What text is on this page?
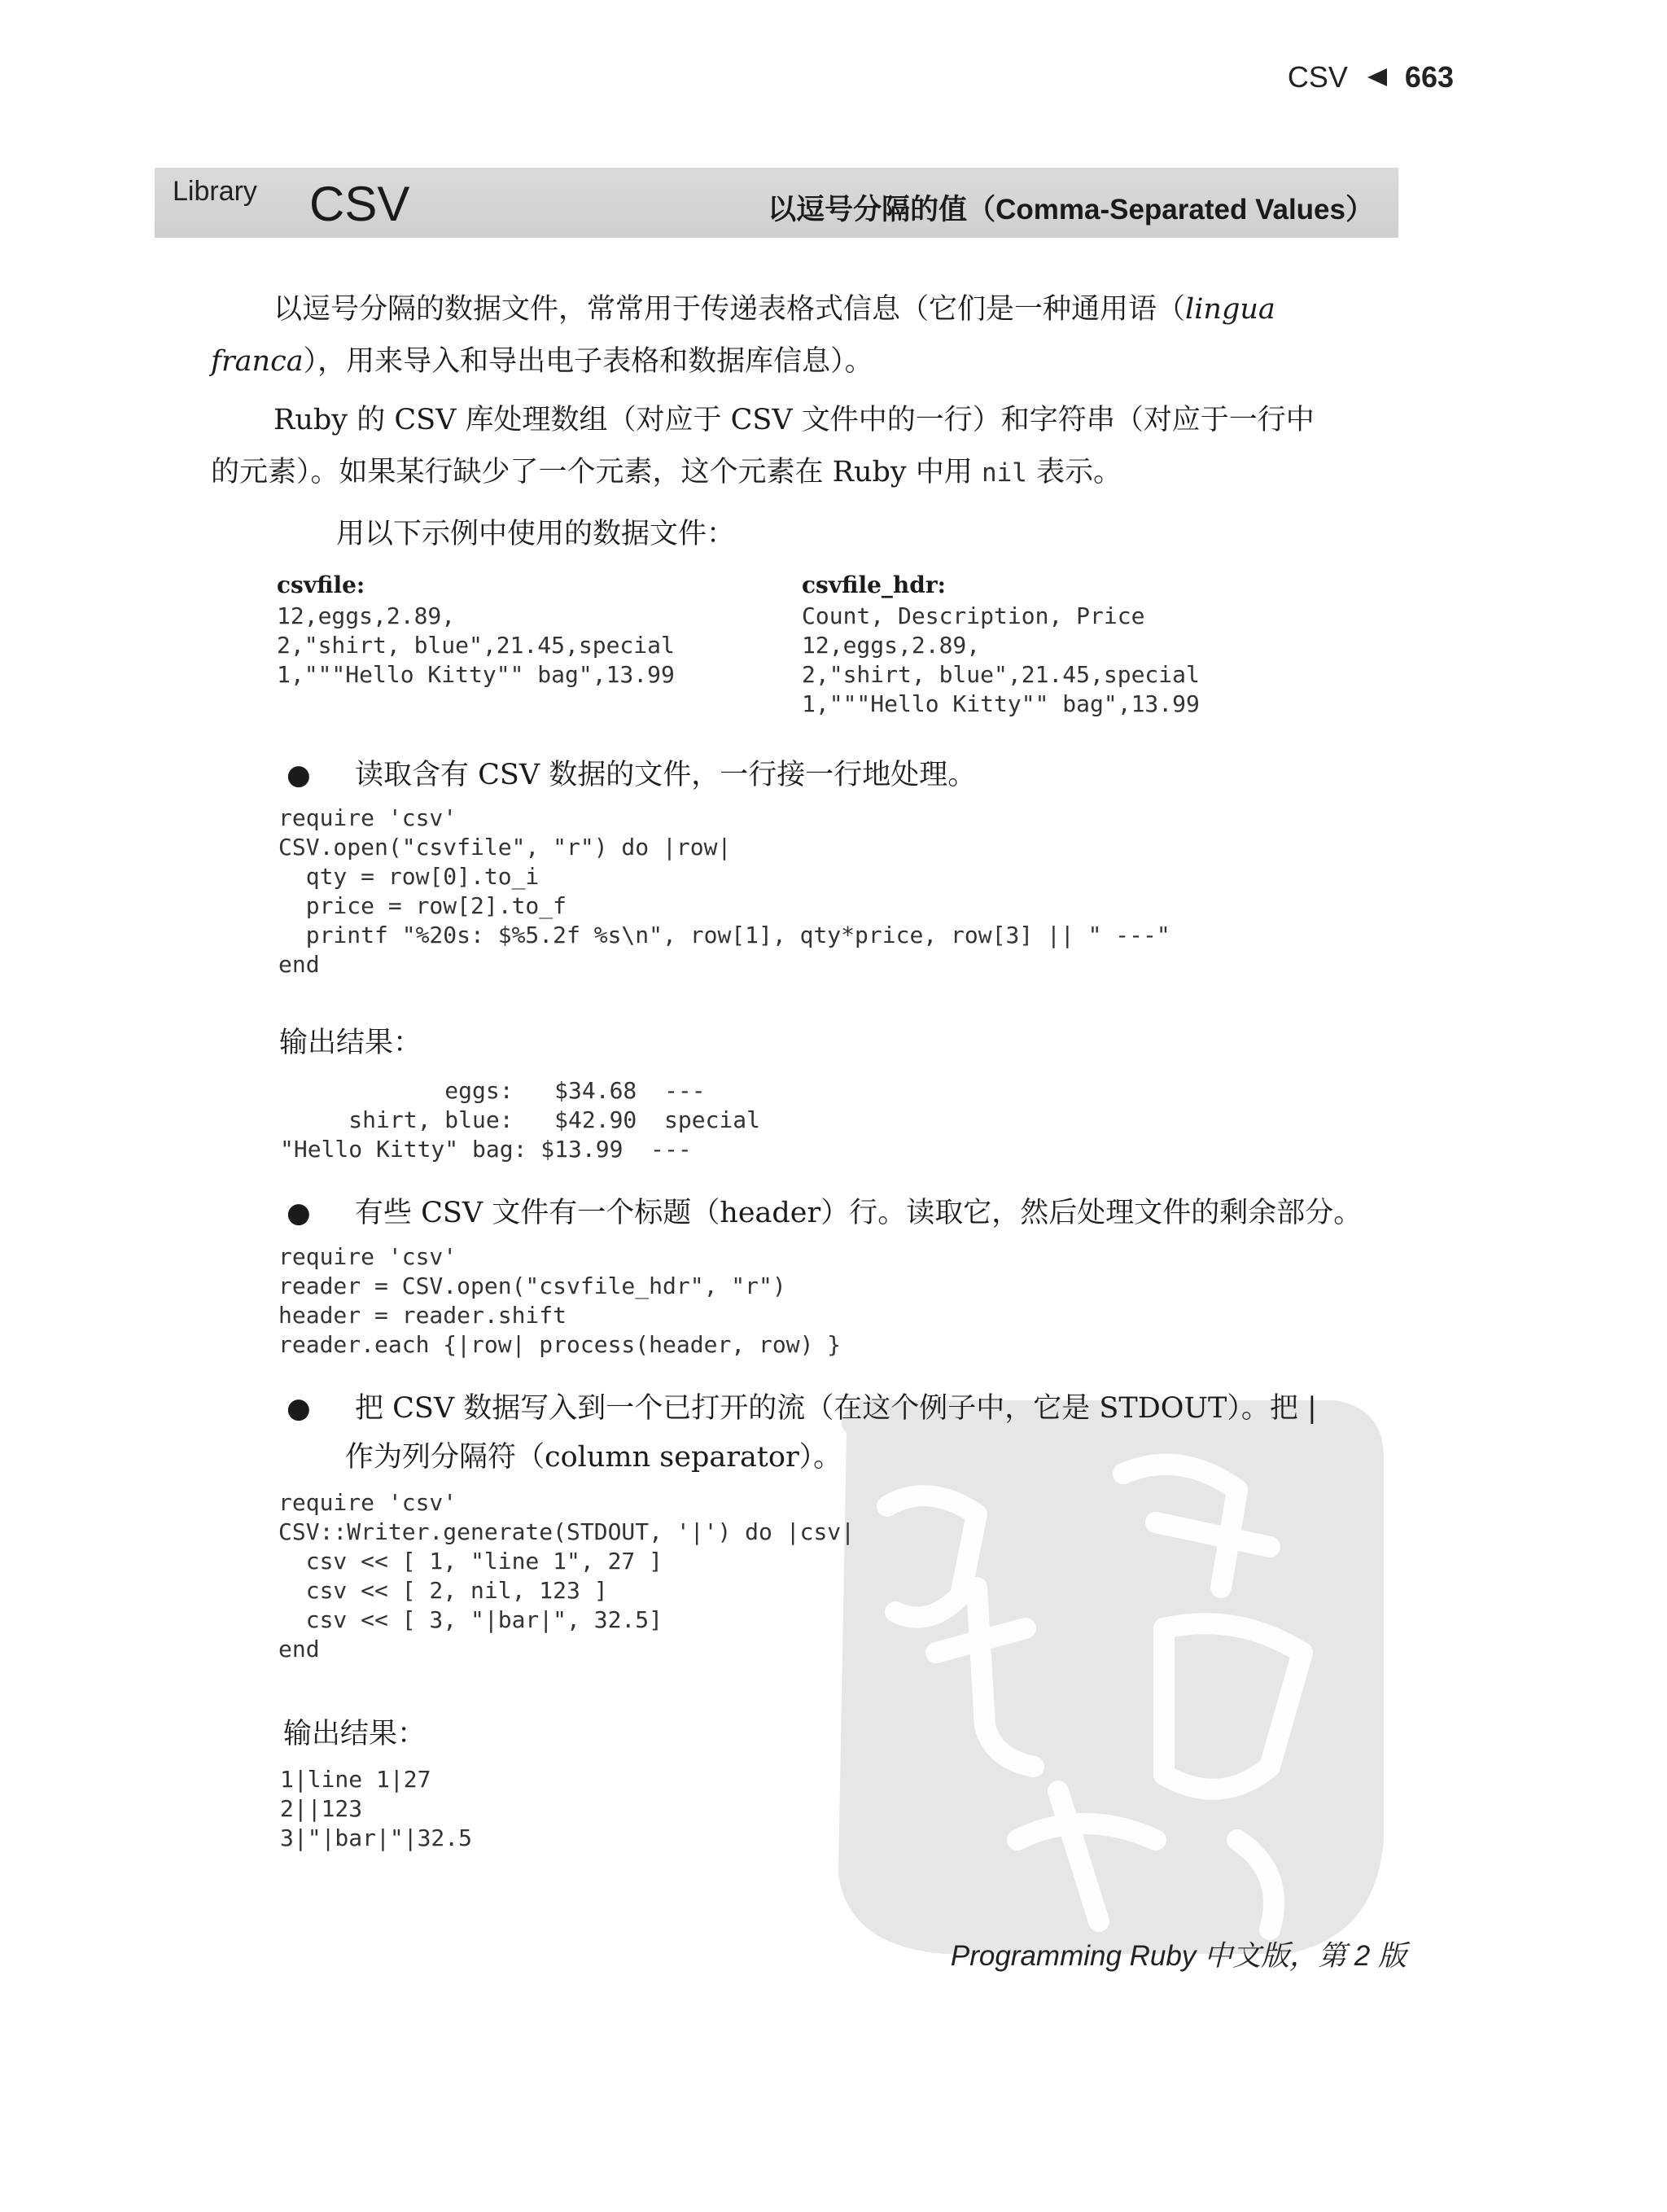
CSV 663
Library CSV	以逗号分隔的值（Comma-Separated Values）
以逗号分隔的数据文件，常常用于传递表格式信息（它们是一种通用语（lingua franca），用来导入和导出电子表格和数据库信息）。
Ruby 的 CSV 库处理数组（对应于 CSV 文件中的一行）和字符串（对应于一行中的元素）。如果某行缺少了一个元素，这个元素在 Ruby 中用 nil 表示。
用以下示例中使用的数据文件：
csvfile:
12,eggs,2.89,
2,"shirt, blue",21.45,special
1,"""Hello Kitty"" bag",13.99
csvfile_hdr:
Count, Description, Price
12,eggs,2.89,
2,"shirt, blue",21.45,special
1,"""Hello Kitty"" bag",13.99
●	读取含有 CSV 数据的文件，一行接一行地处理。
require 'csv'
CSV.open("csvfile", "r") do |row|
qty = row[0].to_i
price = row[2].to_f
printf "%20s: $%5.2f %s\n", row[1], qty*price, row[3] || " ---"
end
输出结果：
eggs:   $34.68  ---
shirt, blue:   $42.90  special
"Hello Kitty" bag: $13.99  ---
●	有些 CSV 文件有一个标题（header）行。读取它，然后处理文件的剩余部分。
require 'csv'
reader = CSV.open("csvfile_hdr", "r")
header = reader.shift
reader.each {|row| process(header, row) }
●	把 CSV 数据写入到一个已打开的流（在这个例子中，它是 STDOUT）。把 |
作为列分隔符（column separator）。
require 'csv'
CSV::Writer.generate(STDOUT, '|') do |csv|
csv << [ 1, "line 1", 27 ]
csv << [ 2, nil, 123 ]
csv << [ 3, "|bar|", 32.5]
end
输出结果：
1|line 1|27
2||123
3|"|bar|"|32.5
Programming Ruby 中文版，第 2 版
